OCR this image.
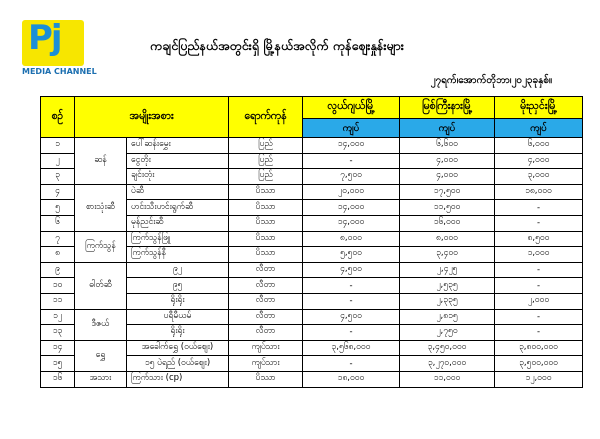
Pj
MEDIA CHANNEL
ကချင်ပြည်နယ်အတွင်းရှိ မြို့နယ်အလိုက် ကုန်ဈေးနှုန်းများ
၂၇ရက်၊အောက်တိုဘာ၊၂၀၂၃ခုနှစ်။
စဉ်	အမျိုးအစား		ရောက်ကုန်	လွယ်ဂျယ်မြို့	မြစ်ကြီးနားမြို့	မိုးညှင်းမြို့
				ကျပ်	ကျပ်	ကျပ်
၁	ဆန်	ပေါ်ဆန်းမွှေး	ပြည်	၁၄,၀၀၀	၆,၆၀၀	၆,၀၀၀
၂		ငွေတိုး	ပြည်	-	၄,၀၀၀	၄,၀၀၀
၃		ချင်းတုံး	ပြည်	၇,၅၀၀	၄,၀၀၀	၃,၀၀၀
၄	စားသုံးဆီ	ပဲဆီ	ပိဿာ	၂၀,၀၀၀	၁၇,၅၀၀	၁၈,၀၀၀
၅		ဟင်းသီးဟင်းရွက်ဆီ	ပိဿာ	၁၄,၀၀၀	၁၁,၅၀၀	-
၆		မုန်ညင်းဆီ	ပိဿာ	၁၄,၀၀၀	၁၆,၀၀၀	-
၇	ကြက်သွန်	ကြက်သွန်ဖြူ	ပိဿာ	၈,၀၀၀	၈,၀၀၀	၈,၅၀၀
၈		ကြက်သွန်နီ	ပိဿာ	၅,၅၀၀	၃,၄၀၀	၁,၀၀၀
၉	ဓါတ်ဆီ	၉၂	လီတာ	၄,၅၀၀	၂,၄၂၅	-
၁၀		၉၅	လီတာ	-	၂,၅၃၅	-
၁၁		ရိုးရိုး	လီတာ	-	၂,၃၃၅	၂,၀၀၀
၁၂	ဒီဇယ်	ပရီမီယမ်	လီတာ	၄,၅၀၀	၂,၈၁၅	-
၁၃		ရိုးရိုး	လီတာ	-	၂,၇၅၀	-
၁၄	ရွှေ	အခေါက်ရွှေ (ဝယ်ဈေး)	ကျပ်သား	၃,၅၆၈,၀၀၀	၃,၄၅၀,၀၀၀	၃,၈၀၀,၀၀၀
၁၅		၁၅ ပဲရည် (ဝယ်ဈေး)	ကျပ်သား	-	၃,၂၇၀,၀၀၀	၃,၅၀၀,၀၀၀
၁၆	အသား	ကြက်သား (cp)	ပိဿာ	၁၈,၀၀၀	၁၁,၀၀၀	၁၂,၀၀၀
